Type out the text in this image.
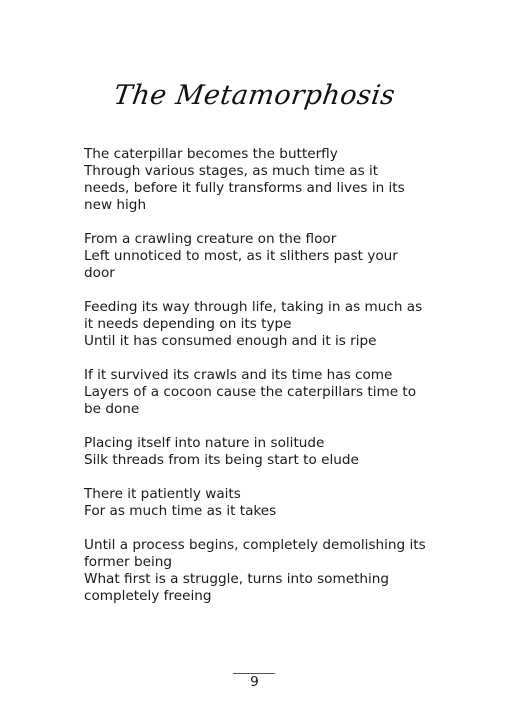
The Metamorphosis

The caterpillar becomes the butterfly

Through various stages, as much time as it

needs, before it fully transforms and lives in its

new high

From a crawling creature on the floor

Left unnoticed to most, as it slithers past your

door

Feeding its way through life, taking in as much as

it needs depending on its type

Until it has consumed enough and it is ripe

If it survived its crawls and its time has come

Layers of a cocoon cause the caterpillars time to

be done

Placing itself into nature in solitude

Silk threads from its being start to elude

There it patiently waits

For as much time as it takes

Until a process begins, completely demolishing its

former being

What first is a struggle, turns into something

completely freeing

9
